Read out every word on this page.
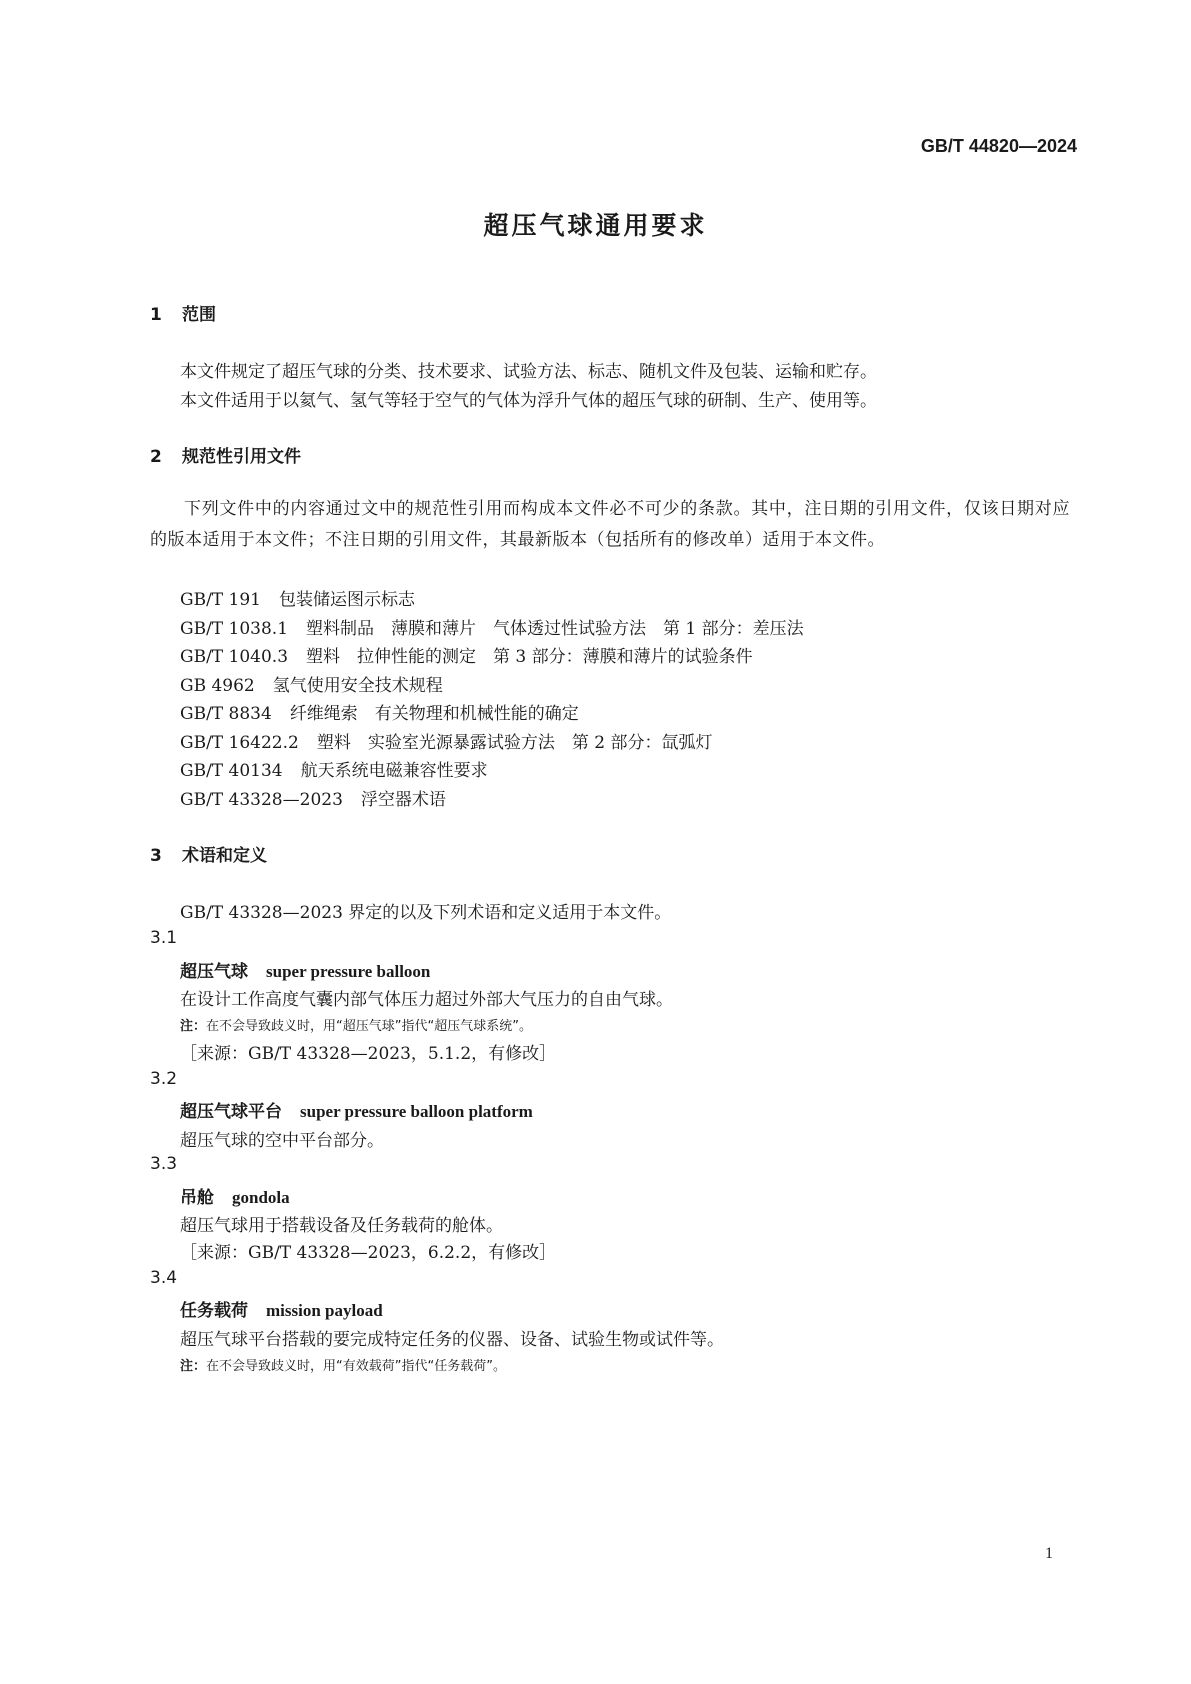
GB/T 44820—2024
超压气球通用要求
1 范围
本文件规定了超压气球的分类、技术要求、试验方法、标志、随机文件及包装、运输和贮存。
本文件适用于以氦气、氢气等轻于空气的气体为浮升气体的超压气球的研制、生产、使用等。
2 规范性引用文件
下列文件中的内容通过文中的规范性引用而构成本文件必不可少的条款。其中，注日期的引用文件，仅该日期对应的版本适用于本文件；不注日期的引用文件，其最新版本（包括所有的修改单）适用于本文件。
GB/T 191 包装储运图示标志
GB/T 1038.1 塑料制品　薄膜和薄片　气体透过性试验方法　第 1 部分：差压法
GB/T 1040.3 塑料　拉伸性能的测定　第 3 部分：薄膜和薄片的试验条件
GB 4962 氢气使用安全技术规程
GB/T 8834 纤维绳索　有关物理和机械性能的确定
GB/T 16422.2 塑料　实验室光源暴露试验方法　第 2 部分：氙弧灯
GB/T 40134 航天系统电磁兼容性要求
GB/T 43328—2023 浮空器术语
3 术语和定义
GB/T 43328—2023 界定的以及下列术语和定义适用于本文件。
3.1
超压气球 super pressure balloon
在设计工作高度气囊内部气体压力超过外部大气压力的自由气球。
注：在不会导致歧义时，用“超压气球”指代“超压气球系统”。
［来源：GB/T 43328—2023，5.1.2，有修改］
3.2
超压气球平台 super pressure balloon platform
超压气球的空中平台部分。
3.3
吊舱 gondola
超压气球用于搭载设备及任务载荷的舱体。
［来源：GB/T 43328—2023，6.2.2，有修改］
3.4
任务载荷 mission payload
超压气球平台搭载的要完成特定任务的仪器、设备、试验生物或试件等。
注：在不会导致歧义时，用“有效载荷”指代“任务载荷”。
1
